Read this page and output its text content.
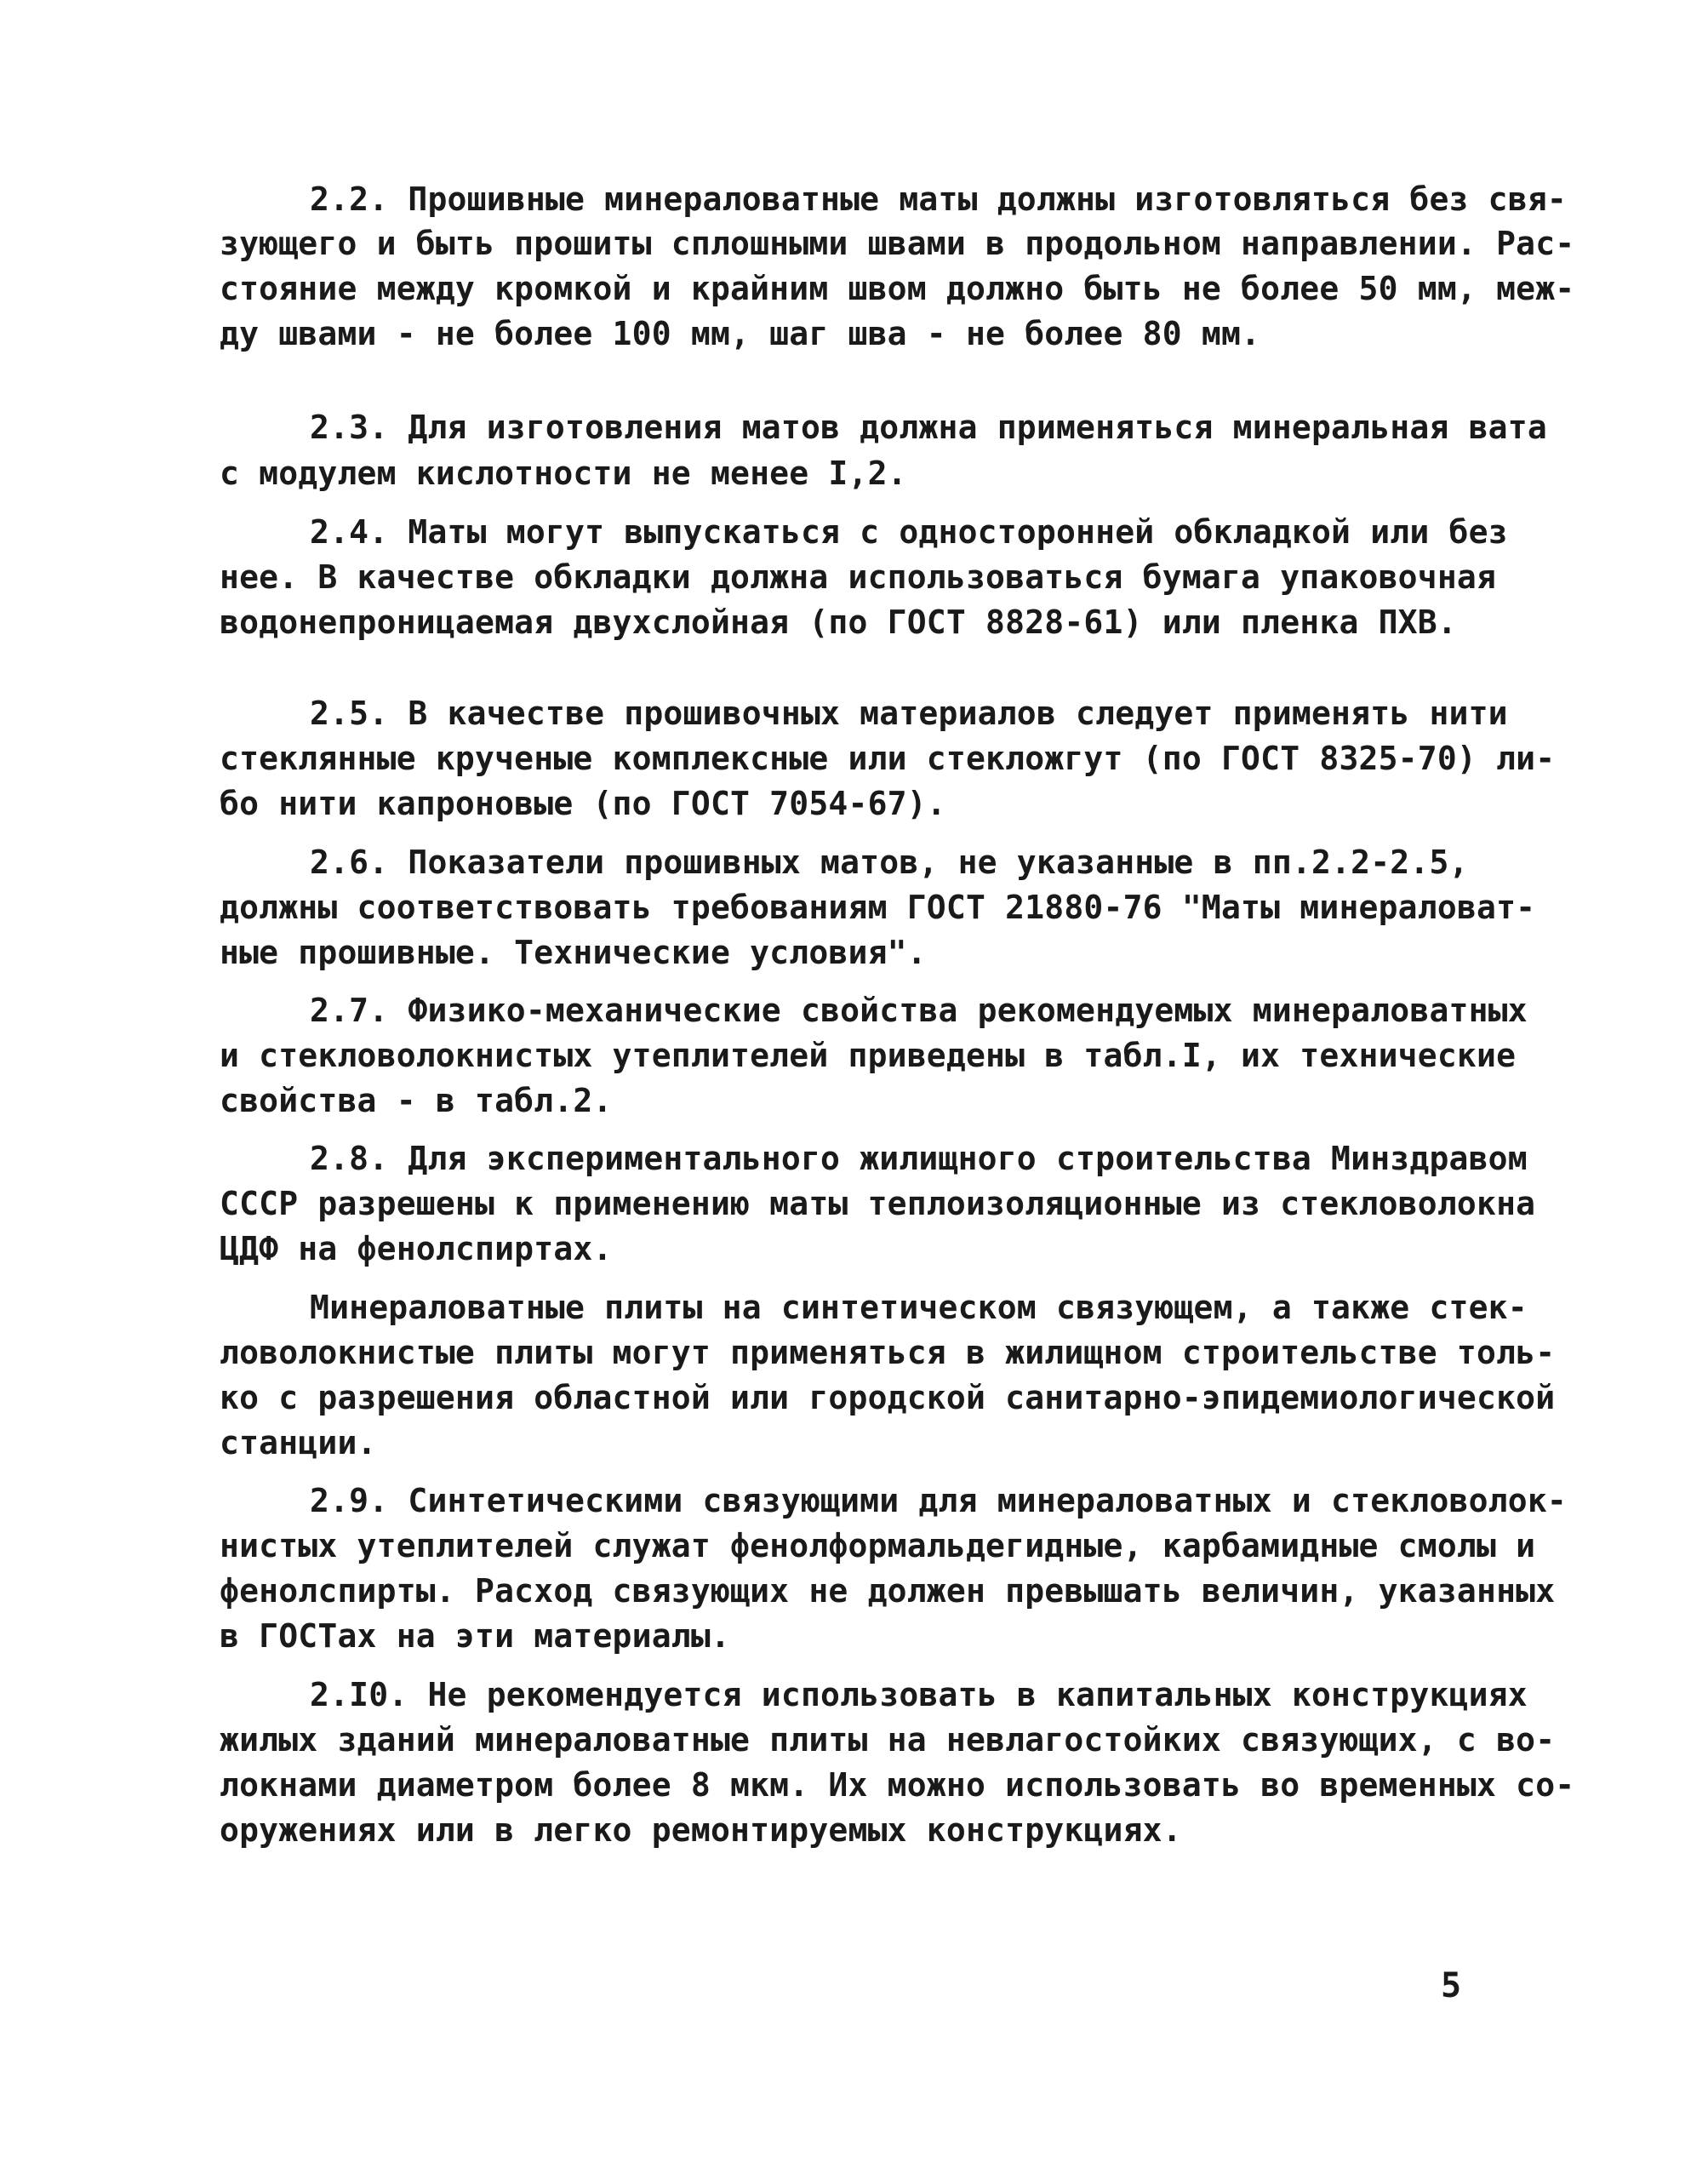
2.2. Прошивные минераловатные маты должны изготовляться без свя-

зующего и быть прошиты сплошными швами в продольном направлении. Рас-

стояние между кромкой и крайним швом должно быть не более 50 мм, меж-

ду швами - не более 100 мм, шаг шва - не более 80 мм.

2.3. Для изготовления матов должна применяться минеральная вата

с модулем кислотности не менее I,2.

2.4. Маты могут выпускаться с односторонней обкладкой или без

нее. В качестве обкладки должна использоваться бумага упаковочная

водонепроницаемая двухслойная (по ГОСТ 8828-61) или пленка ПХВ.

2.5. В качестве прошивочных материалов следует применять нити

стеклянные крученые комплексные или стекложгут (по ГОСТ 8325-70) ли-

бо нити капроновые (по ГОСТ 7054-67).

2.6. Показатели прошивных матов, не указанные в пп.2.2-2.5,

должны соответствовать требованиям ГОСТ 21880-76 "Маты минераловат-

ные прошивные. Технические условия".

2.7. Физико-механические свойства рекомендуемых минераловатных

и стекловолокнистых утеплителей приведены в табл.I, их технические

свойства - в табл.2.

2.8. Для экспериментального жилищного строительства Минздравом

СССР разрешены к применению маты теплоизоляционные из стекловолокна

ЦДФ на фенолспиртах.

Минераловатные плиты на синтетическом связующем, а также стек-

ловолокнистые плиты могут применяться в жилищном строительстве толь-

ко с разрешения областной или городской санитарно-эпидемиологической

станции.

2.9. Синтетическими связующими для минераловатных и стекловолок-

нистых утеплителей служат фенолформальдегидные, карбамидные смолы и

фенолспирты. Расход связующих не должен превышать величин, указанных

в ГОСТах на эти материалы.

2.I0. Не рекомендуется использовать в капитальных конструкциях

жилых зданий минераловатные плиты на невлагостойких связующих, с во-

локнами диаметром более 8 мкм. Их можно использовать во временных со-

оружениях или в легко ремонтируемых конструкциях.

5
